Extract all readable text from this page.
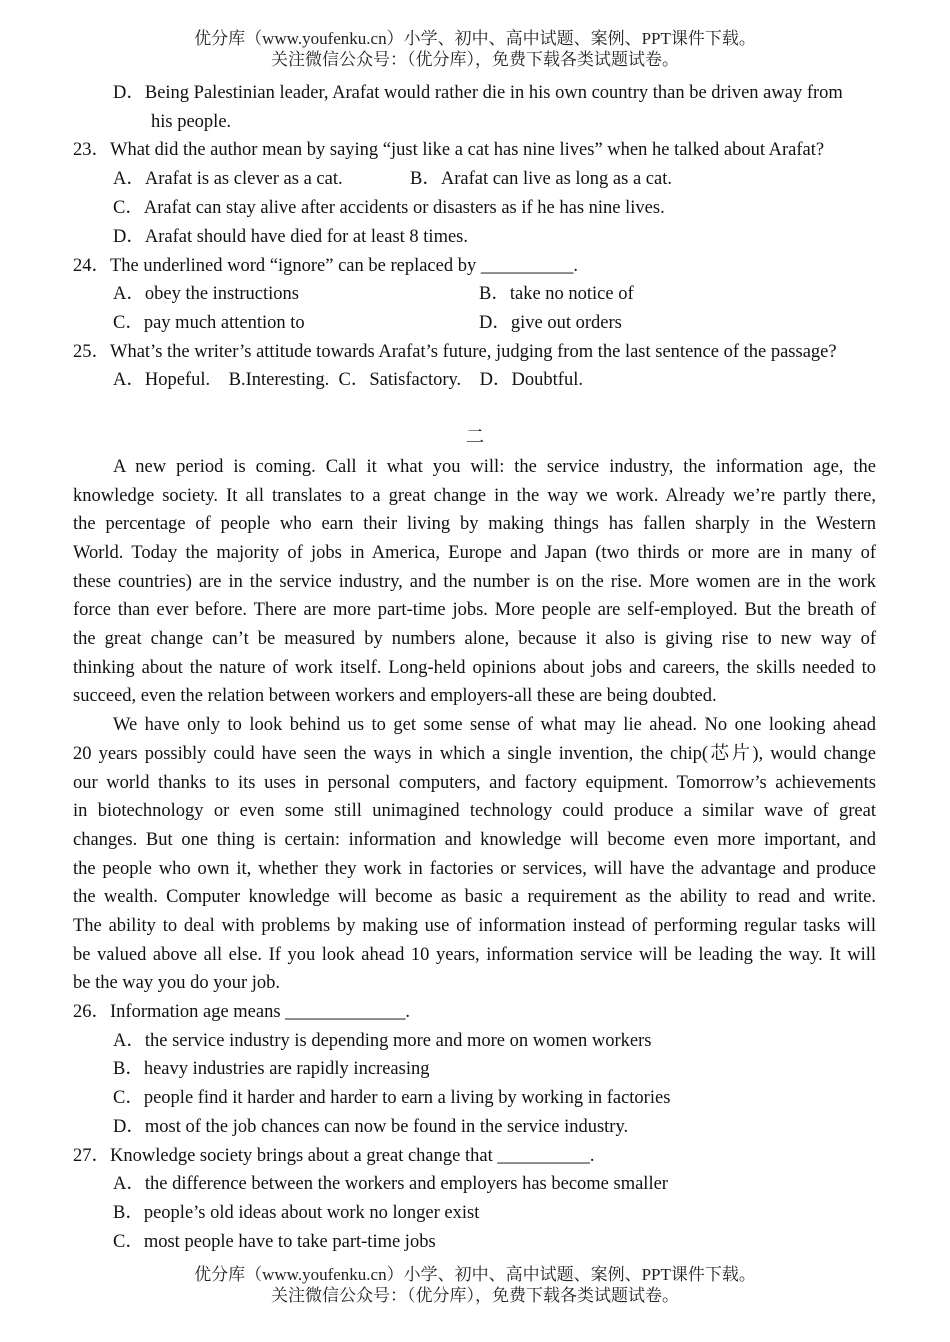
优分库（www.youfenku.cn）小学、初中、高中试题、案例、PPT课件下载。
关注微信公众号：（优分库），免费下载各类试题试卷。
D．Being Palestinian leader, Arafat would rather die in his own country than be driven away from
his people.
23．What did the author mean by saying “just like a cat has nine lives” when he talked about Arafat?
A．Arafat is as clever as a cat.	B．Arafat can live as long as a cat.
C．Arafat can stay alive after accidents or disasters as if he has nine lives.
D．Arafat should have died for at least 8 times.
24．The underlined word “ignore” can be replaced by __________.
A．obey the instructions	B．take no notice of
C．pay much attention to	D．give out orders
25．What’s the writer’s attitude towards Arafat’s future, judging from the last sentence of the passage?
A．Hopeful.    B.Interesting.  C．Satisfactory.    D．Doubtful.
二
A new period is coming. Call it what you will: the service industry, the information age, the
knowledge society. It all translates to a great change in the way we work. Already we’re partly there,
the percentage of people who earn their living by making things has fallen sharply in the Western
World. Today the majority of jobs in America, Europe and Japan (two thirds or more are in many of
these countries) are in the service industry, and the number is on the rise. More women are in the work
force than ever before. There are more part-time jobs. More people are self-employed. But the breath of
the great change can’t be measured by numbers alone, because it also is giving rise to new way of
thinking about the nature of work itself. Long-held opinions about jobs and careers, the skills needed to
succeed, even the relation between workers and employers-all these are being doubted.
We have only to look behind us to get some sense of what may lie ahead. No one looking ahead
20 years possibly could have seen the ways in which a single invention, the chip(芯片), would change
our world thanks to its uses in personal computers, and factory equipment. Tomorrow’s achievements
in biotechnology or even some still unimagined technology could produce a similar wave of great
changes. But one thing is certain: information and knowledge will become even more important, and
the people who own it, whether they work in factories or services, will have the advantage and produce
the wealth. Computer knowledge will become as basic a requirement as the ability to read and write.
The ability to deal with problems by making use of information instead of performing regular tasks will
be valued above all else. If you look ahead 10 years, information service will be leading the way. It will
be the way you do your job.
26．Information age means _____________.
A．the service industry is depending more and more on women workers
B．heavy industries are rapidly increasing
C．people find it harder and harder to earn a living by working in factories
D．most of the job chances can now be found in the service industry.
27．Knowledge society brings about a great change that __________.
A．the difference between the workers and employers has become smaller
B．people’s old ideas about work no longer exist
C．most people have to take part-time jobs
优分库（www.youfenku.cn）小学、初中、高中试题、案例、PPT课件下载。
关注微信公众号：（优分库），免费下载各类试题试卷。
